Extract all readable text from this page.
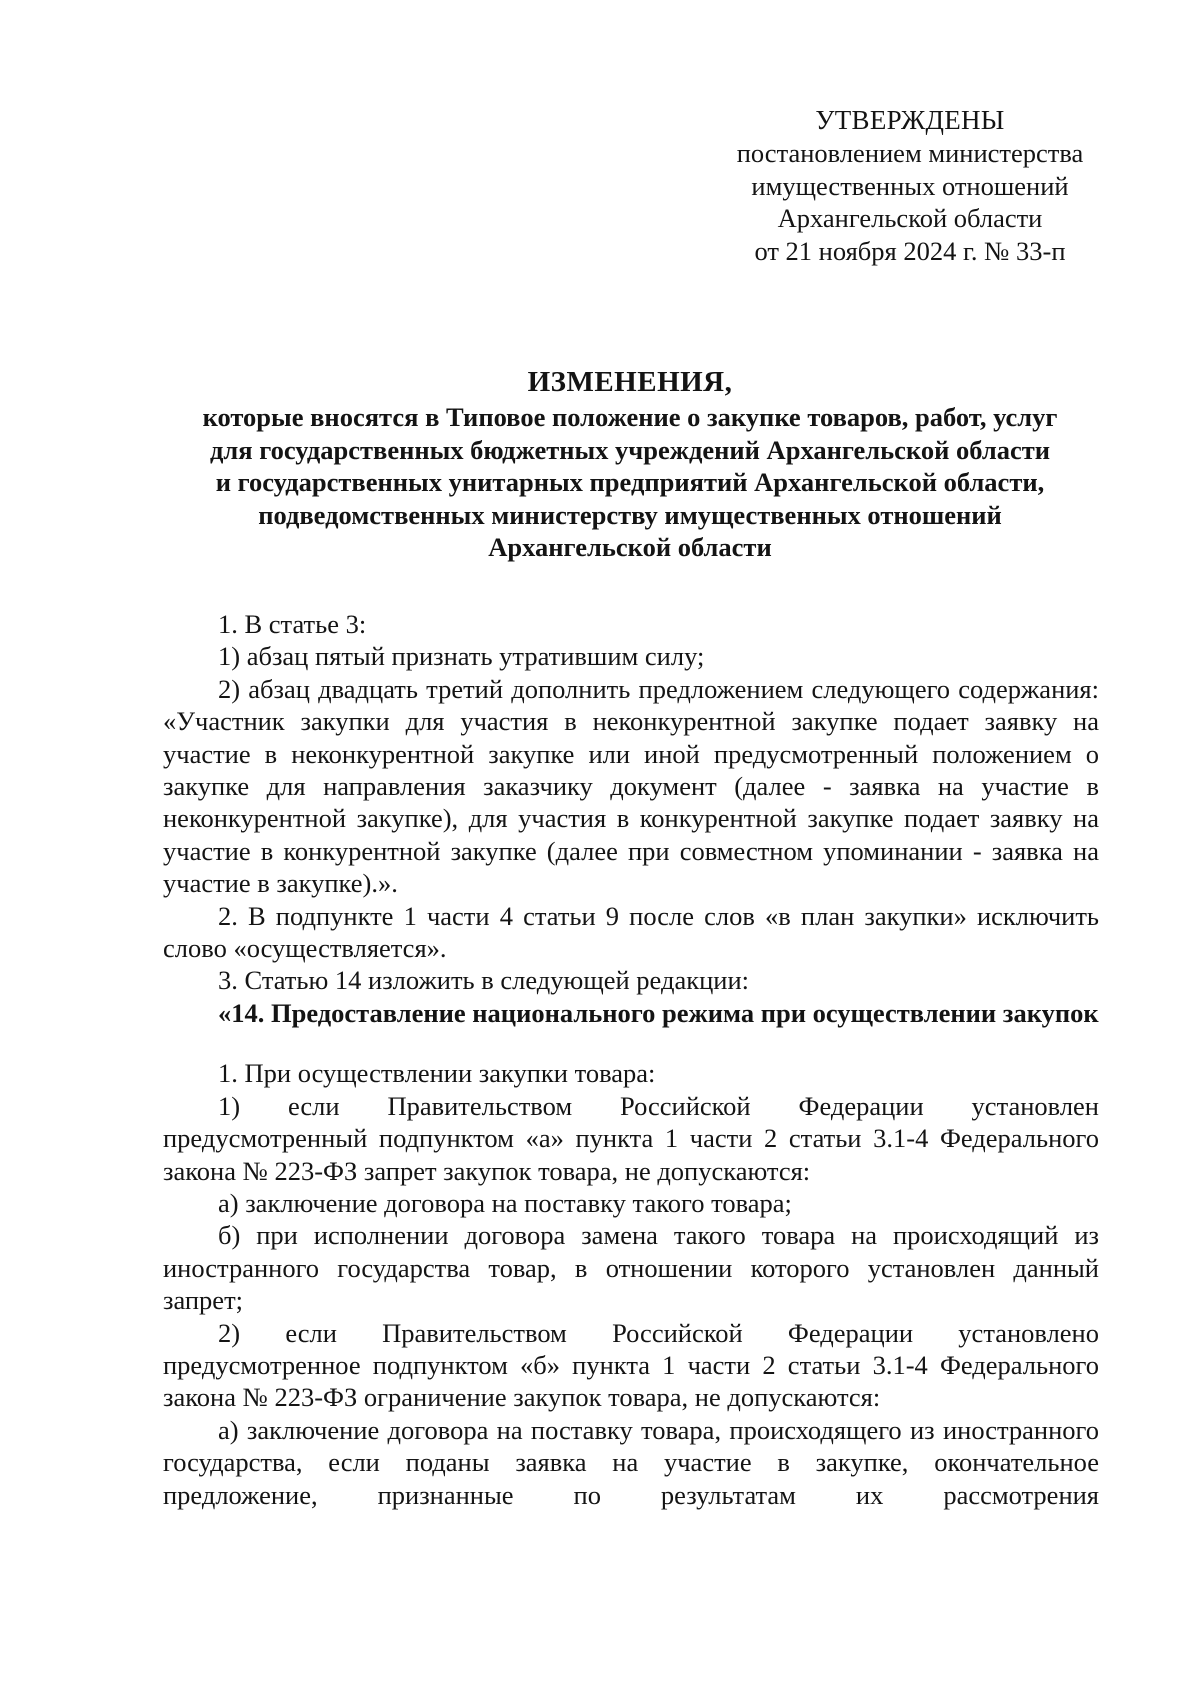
УТВЕРЖДЕНЫ
постановлением министерства
имущественных отношений
Архангельской области
от 21 ноября 2024 г. № 33-п
ИЗМЕНЕНИЯ,
которые вносятся в Типовое положение о закупке товаров, работ, услуг
для государственных бюджетных учреждений Архангельской области
и государственных унитарных предприятий Архангельской области,
подведомственных министерству имущественных отношений
Архангельской области
1. В статье 3:
1) абзац пятый признать утратившим силу;
2) абзац двадцать третий дополнить предложением следующего содержания: «Участник закупки для участия в неконкурентной закупке подает заявку на участие в неконкурентной закупке или иной предусмотренный положением о закупке для направления заказчику документ (далее - заявка на участие в неконкурентной закупке), для участия в конкурентной закупке подает заявку на участие в конкурентной закупке (далее при совместном упоминании - заявка на участие в закупке).».
2. В подпункте 1 части 4 статьи 9 после слов «в план закупки» исключить слово «осуществляется».
3. Статью 14 изложить в следующей редакции:
«14. Предоставление национального режима при осуществлении закупок
1. При осуществлении закупки товара:
1) если Правительством Российской Федерации установлен предусмотренный подпунктом «а» пункта 1 части 2 статьи 3.1-4 Федерального закона № 223-ФЗ запрет закупок товара, не допускаются:
а) заключение договора на поставку такого товара;
б) при исполнении договора замена такого товара на происходящий из иностранного государства товар, в отношении которого установлен данный запрет;
2) если Правительством Российской Федерации установлено предусмотренное подпунктом «б» пункта 1 части 2 статьи 3.1-4 Федерального закона № 223-ФЗ ограничение закупок товара, не допускаются:
а) заключение договора на поставку товара, происходящего из иностранного государства, если поданы заявка на участие в закупке, окончательное предложение, признанные по результатам их рассмотрения
